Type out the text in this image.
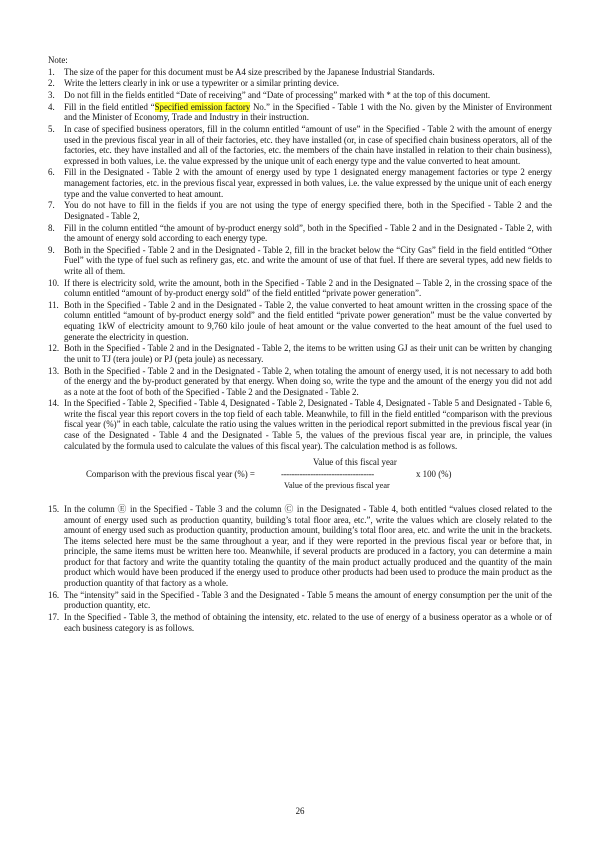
Note:
1. The size of the paper for this document must be A4 size prescribed by the Japanese Industrial Standards.
2. Write the letters clearly in ink or use a typewriter or a similar printing device.
3. Do not fill in the fields entitled “Date of receiving” and “Date of processing” marked with * at the top of this document.
4. Fill in the field entitled “Specified emission factory No.” in the Specified - Table 1 with the No. given by the Minister of Environment and the Minister of Economy, Trade and Industry in their instruction.
5. In case of specified business operators, fill in the column entitled “amount of use” in the Specified - Table 2 with the amount of energy used in the previous fiscal year in all of their factories, etc. they have installed (or, in case of specified chain business operators, all of the factories, etc. they have installed and all of the factories, etc. the members of the chain have installed in relation to their chain business), expressed in both values, i.e. the value expressed by the unique unit of each energy type and the value converted to heat amount.
6. Fill in the Designated - Table 2 with the amount of energy used by type 1 designated energy management factories or type 2 energy management factories, etc. in the previous fiscal year, expressed in both values, i.e. the value expressed by the unique unit of each energy type and the value converted to heat amount.
7. You do not have to fill in the fields if you are not using the type of energy specified there, both in the Specified - Table 2 and the Designated - Table 2,
8. Fill in the column entitled “the amount of by-product energy sold”, both in the Specified - Table 2 and in the Designated - Table 2, with the amount of energy sold according to each energy type.
9. Both in the Specified - Table 2 and in the Designated - Table 2, fill in the bracket below the “City Gas” field in the field entitled “Other Fuel” with the type of fuel such as refinery gas, etc. and write the amount of use of that fuel. If there are several types, add new fields to write all of them.
10. If there is electricity sold, write the amount, both in the Specified - Table 2 and in the Designated – Table 2, in the crossing space of the column entitled “amount of by-product energy sold” of the field entitled “private power generation”.
11. Both in the Specified - Table 2 and in the Designated - Table 2, the value converted to heat amount written in the crossing space of the column entitled “amount of by-product energy sold” and the field entitled “private power generation” must be the value converted by equating 1kW of electricity amount to 9,760 kilo joule of heat amount or the value converted to the heat amount of the fuel used to generate the electricity in question.
12. Both in the Specified - Table 2 and in the Designated - Table 2, the items to be written using GJ as their unit can be written by changing the unit to TJ (tera joule) or PJ (peta joule) as necessary.
13. Both in the Specified - Table 2 and in the Designated - Table 2, when totaling the amount of energy used, it is not necessary to add both of the energy and the by-product generated by that energy. When doing so, write the type and the amount of the energy you did not add as a note at the foot of both of the Specified - Table 2 and the Designated - Table 2.
14. In the Specified - Table 2, Specified - Table 4, Designated - Table 2, Designated - Table 4, Designated - Table 5 and Designated - Table 6, write the fiscal year this report covers in the top field of each table. Meanwhile, to fill in the field entitled “comparison with the previous fiscal year (%)” in each table, calculate the ratio using the values written in the periodical report submitted in the previous fiscal year (in case of the Designated - Table 4 and the Designated - Table 5, the values of the previous fiscal year are, in principle, the values calculated by the formula used to calculate the values of this fiscal year). The calculation method is as follows.
Comparison with the previous fiscal year (%) =
Value of this fiscal year
-----------------------------------
Value of the previous fiscal year
x 100 (%)
15. In the column Ⓔ in the Specified - Table 3 and the column Ⓒ in the Designated - Table 4, both entitled “values closed related to the amount of energy used such as production quantity, building’s total floor area, etc.”, write the values which are closely related to the amount of energy used such as production quantity, production amount, building’s total floor area, etc. and write the unit in the brackets. The items selected here must be the same throughout a year, and if they were reported in the previous fiscal year or before that, in principle, the same items must be written here too. Meanwhile, if several products are produced in a factory, you can determine a main product for that factory and write the quantity totaling the quantity of the main product actually produced and the quantity of the main product which would have been produced if the energy used to produce other products had been used to produce the main product as the production quantity of that factory as a whole.
16. The “intensity” said in the Specified - Table 3 and the Designated - Table 5 means the amount of energy consumption per the unit of the production quantity, etc.
17. In the Specified - Table 3, the method of obtaining the intensity, etc. related to the use of energy of a business operator as a whole or of each business category is as follows.
26
